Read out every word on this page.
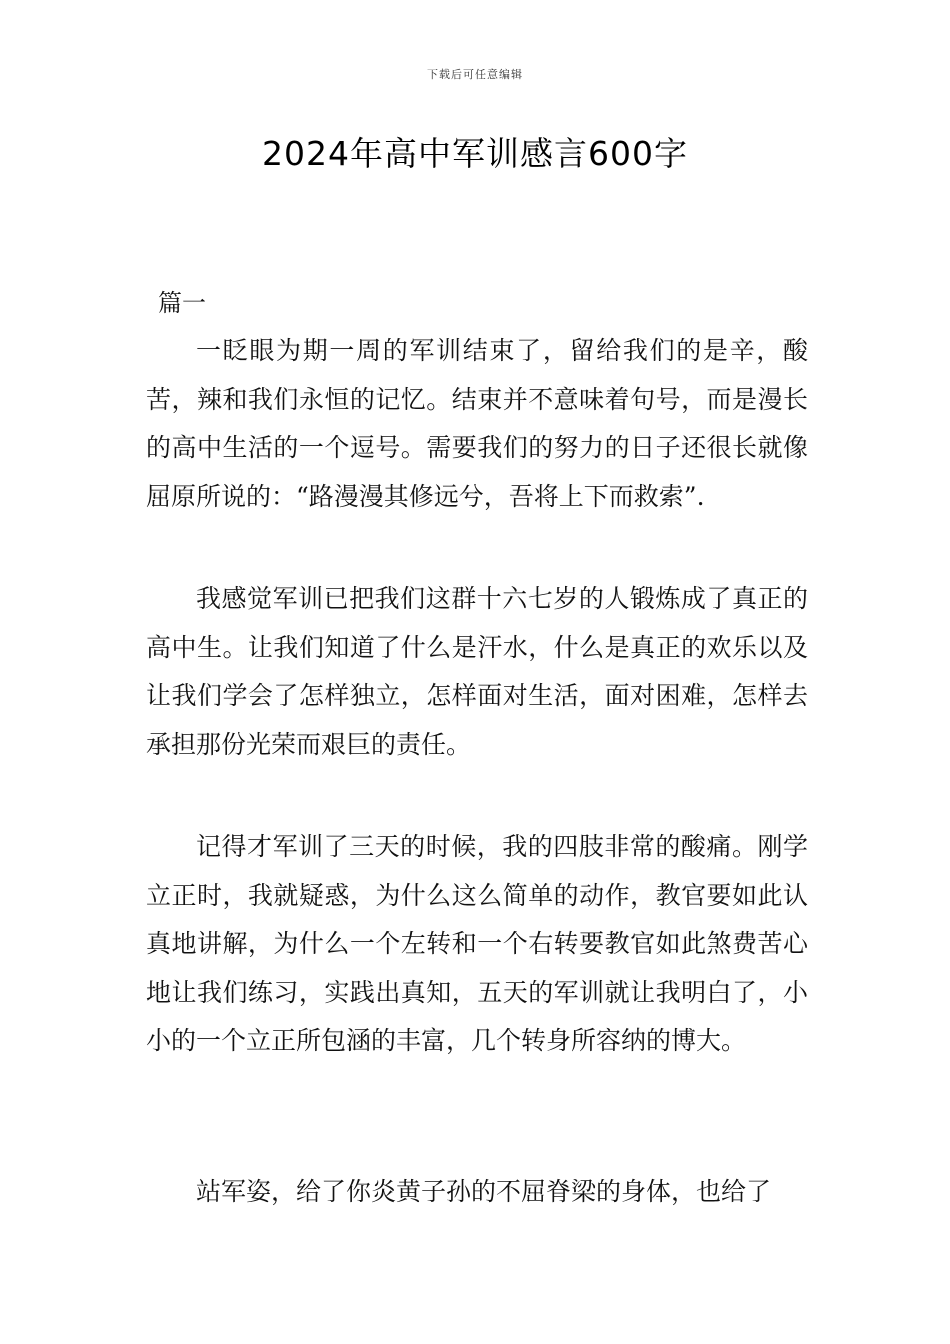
下载后可任意编辑
2024年高中军训感言600字
篇一

一眨眼为期一周的军训结束了，留给我们的是辛，酸苦，辣和我们永恒的记忆。结束并不意味着句号，而是漫长的高中生活的一个逗号。需要我们的努力的日子还很长就像屈原所说的：“路漫漫其修远兮，吾将上下而救索”.

我感觉军训已把我们这群十六七岁的人锻炼成了真正的高中生。让我们知道了什么是汗水，什么是真正的欢乐以及让我们学会了怎样独立，怎样面对生活，面对困难，怎样去承担那份光荣而艰巨的责任。

记得才军训了三天的时候，我的四肢非常的酸痛。刚学立正时，我就疑惑，为什么这么简单的动作，教官要如此认真地讲解，为什么一个左转和一个右转要教官如此煞费苦心地让我们练习，实践出真知，五天的军训就让我明白了，小小的一个立正所包涵的丰富，几个转身所容纳的博大。

站军姿，给了你炎黄子孙的不屈脊梁的身体，也给了
